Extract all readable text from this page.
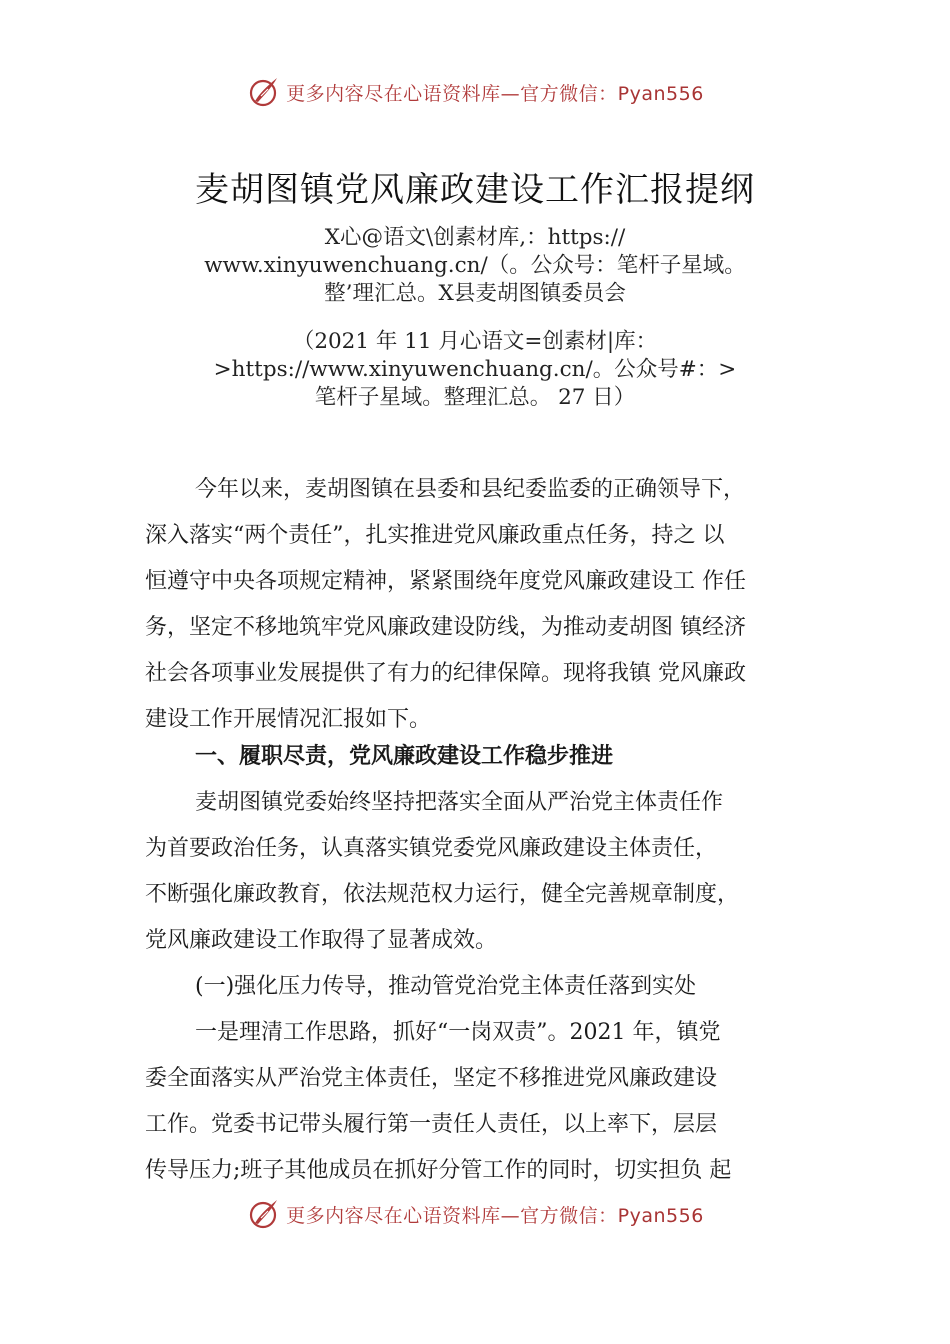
更多内容尽在心语资料库—官方微信：Pyan556
麦胡图镇党风廉政建设工作汇报提纲
X心@语文\创素材库,：https://
www.xinyuwenchuang.cn/（。公众号：笔杆子星域。
整’理汇总。X县麦胡图镇委员会
（2021 年 11 月心语文=创素材|库：
>https://www.xinyuwenchuang.cn/。公众号#：>
笔杆子星域。整理汇总。 27 日）
今年以来，麦胡图镇在县委和县纪委监委的正确领导下，
深入落实“两个责任”，扎实推进党风廉政重点任务，持之 以
恒遵守中央各项规定精神，紧紧围绕年度党风廉政建设工 作任
务，坚定不移地筑牢党风廉政建设防线，为推动麦胡图 镇经济
社会各项事业发展提供了有力的纪律保障。现将我镇 党风廉政
建设工作开展情况汇报如下。
一、履职尽责，党风廉政建设工作稳步推进
麦胡图镇党委始终坚持把落实全面从严治党主体责任作
为首要政治任务，认真落实镇党委党风廉政建设主体责任，
不断强化廉政教育，依法规范权力运行，健全完善规章制度，
党风廉政建设工作取得了显著成效。
(一)强化压力传导，推动管党治党主体责任落到实处
一是理清工作思路，抓好“一岗双责”。2021 年，镇党
委全面落实从严治党主体责任，坚定不移推进党风廉政建设
工作。党委书记带头履行第一责任人责任，以上率下，层层
传导压力;班子其他成员在抓好分管工作的同时，切实担负 起
更多内容尽在心语资料库—官方微信：Pyan556
